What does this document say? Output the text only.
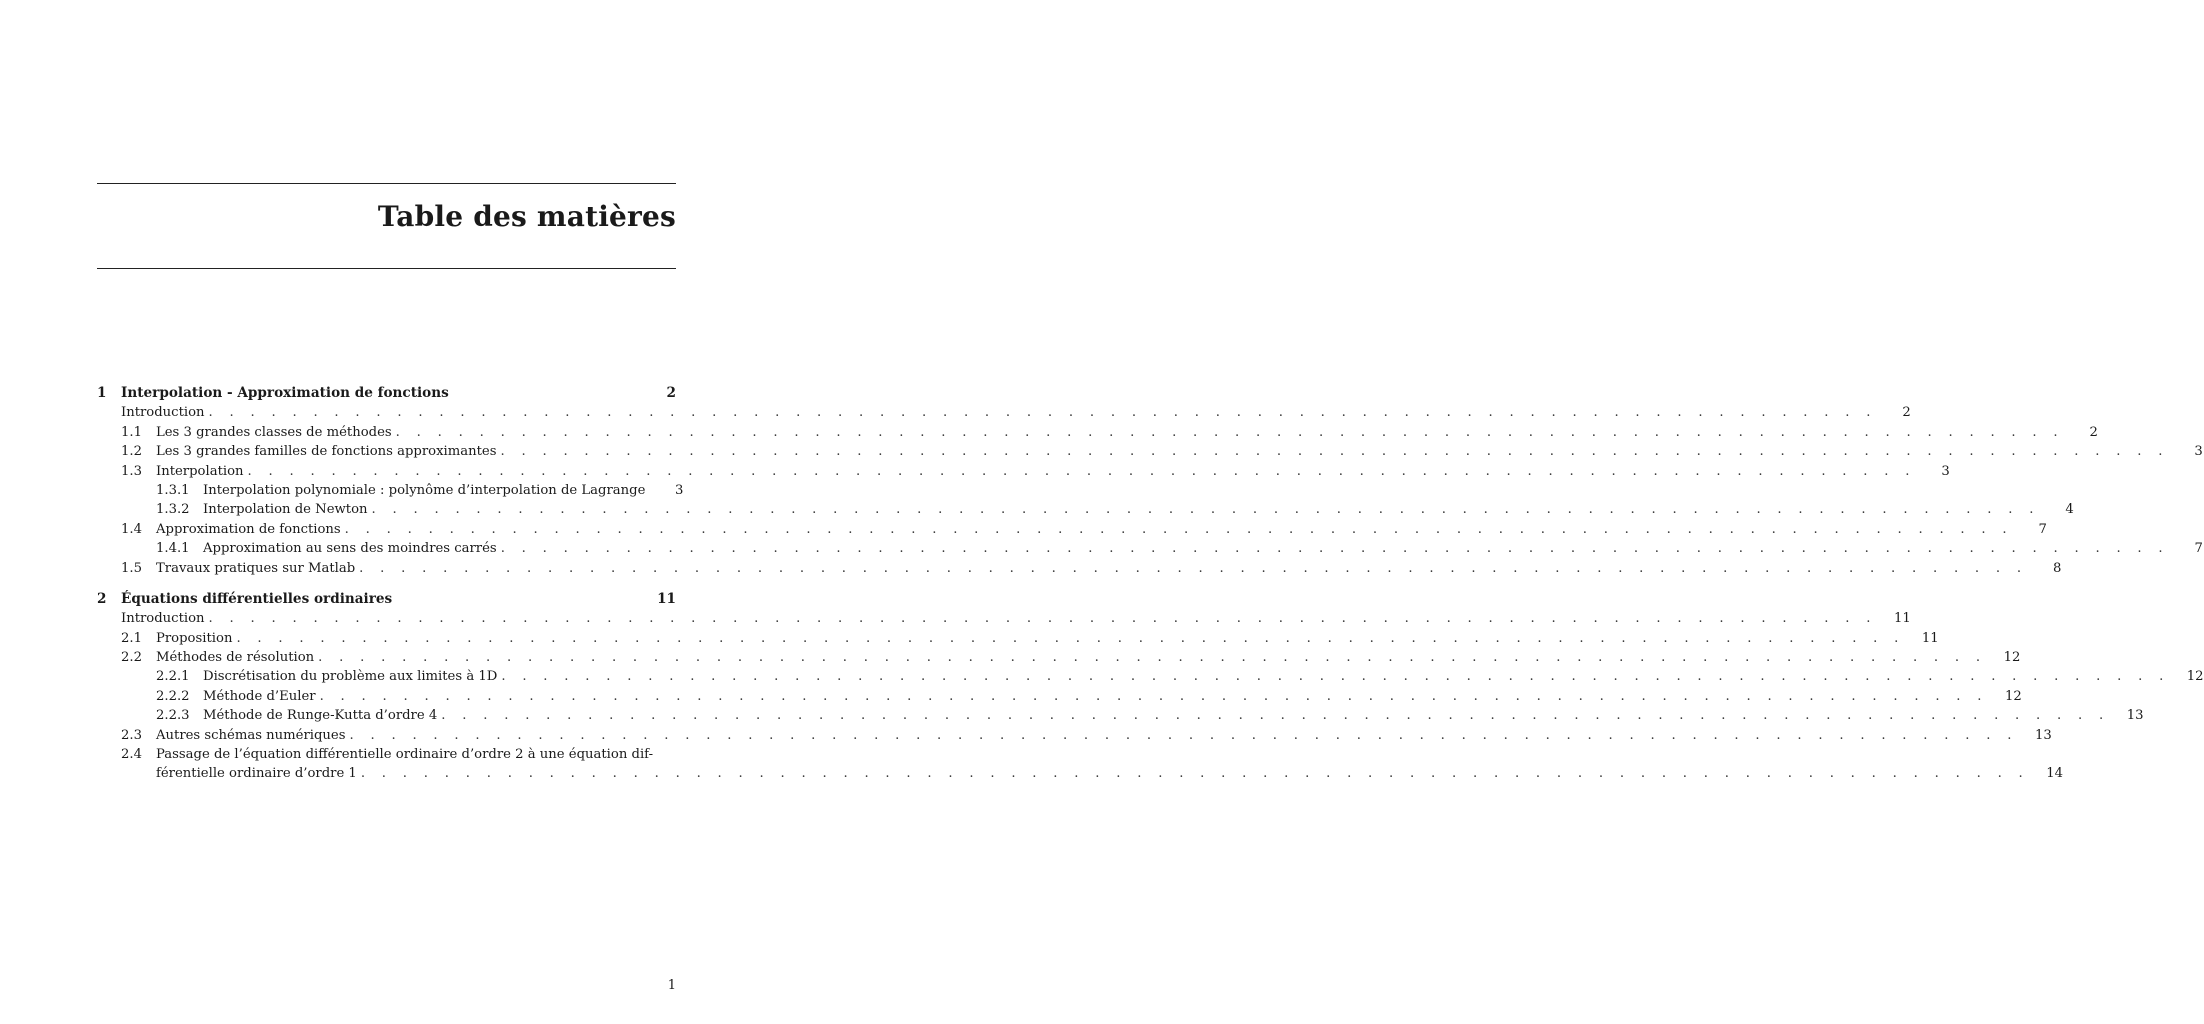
Table des matières
1	Interpolation - Approximation de fonctions	2
Introduction . . . . . . . . . . . . . . . . . . . . . . . . . . . . . . . . . . . . . . . . . . . . . . . . . . . . . . . . . . . . . . . . . . . . . . . . . . . . . . . .	2
1.1	Les 3 grandes classes de méthodes . . . . . . . . . . . . . . . . . . . . . . . . . . . . . . . . . . . . . . . . . . . . . . . . . . . . . . . . . . . . . . . . . . . . . . . . . . . . . . . .	2
1.2	Les 3 grandes familles de fonctions approximantes . . . . . . . . . . . . . . . . . . . . . . . . . . . . . . . . . . . . . . . . . . . . . . . . . . . . . . . . . . . . . . . . . . . . . . . . . . . . . . . .	3
1.3	Interpolation . . . . . . . . . . . . . . . . . . . . . . . . . . . . . . . . . . . . . . . . . . . . . . . . . . . . . . . . . . . . . . . . . . . . . . . . . . . . . . . .	3
1.3.1	Interpolation polynomiale : polynôme d’interpolation de Lagrange	3
1.3.2	Interpolation de Newton . . . . . . . . . . . . . . . . . . . . . . . . . . . . . . . . . . . . . . . . . . . . . . . . . . . . . . . . . . . . . . . . . . . . . . . . . . . . . . . .	4
1.4	Approximation de fonctions . . . . . . . . . . . . . . . . . . . . . . . . . . . . . . . . . . . . . . . . . . . . . . . . . . . . . . . . . . . . . . . . . . . . . . . . . . . . . . . .	7
1.4.1	Approximation au sens des moindres carrés . . . . . . . . . . . . . . . . . . . . . . . . . . . . . . . . . . . . . . . . . . . . . . . . . . . . . . . . . . . . . . . . . . . . . . . . . . . . . . . .	7
1.5	Travaux pratiques sur Matlab . . . . . . . . . . . . . . . . . . . . . . . . . . . . . . . . . . . . . . . . . . . . . . . . . . . . . . . . . . . . . . . . . . . . . . . . . . . . . . . .	8
2	Équations différentielles ordinaires	11
Introduction . . . . . . . . . . . . . . . . . . . . . . . . . . . . . . . . . . . . . . . . . . . . . . . . . . . . . . . . . . . . . . . . . . . . . . . . . . . . . . . .	11
2.1	Proposition . . . . . . . . . . . . . . . . . . . . . . . . . . . . . . . . . . . . . . . . . . . . . . . . . . . . . . . . . . . . . . . . . . . . . . . . . . . . . . . .	11
2.2	Méthodes de résolution . . . . . . . . . . . . . . . . . . . . . . . . . . . . . . . . . . . . . . . . . . . . . . . . . . . . . . . . . . . . . . . . . . . . . . . . . . . . . . . .	12
2.2.1	Discrétisation du problème aux limites à 1D . . . . . . . . . . . . . . . . . . . . . . . . . . . . . . . . . . . . . . . . . . . . . . . . . . . . . . . . . . . . . . . . . . . . . . . . . . . . . . . .	12
2.2.2	Méthode d’Euler . . . . . . . . . . . . . . . . . . . . . . . . . . . . . . . . . . . . . . . . . . . . . . . . . . . . . . . . . . . . . . . . . . . . . . . . . . . . . . . .	12
2.2.3	Méthode de Runge-Kutta d’ordre 4 . . . . . . . . . . . . . . . . . . . . . . . . . . . . . . . . . . . . . . . . . . . . . . . . . . . . . . . . . . . . . . . . . . . . . . . . . . . . . . . .	13
2.3	Autres schémas numériques . . . . . . . . . . . . . . . . . . . . . . . . . . . . . . . . . . . . . . . . . . . . . . . . . . . . . . . . . . . . . . . . . . . . . . . . . . . . . . . .	13
2.4	Passage de l’équation différentielle ordinaire d’ordre 2 à une équation dif-
férentielle ordinaire d’ordre 1 . . . . . . . . . . . . . . . . . . . . . . . . . . . . . . . . . . . . . . . . . . . . . . . . . . . . . . . . . . . . . . . . . . . . . . . . . . . . . . . .	14
1
